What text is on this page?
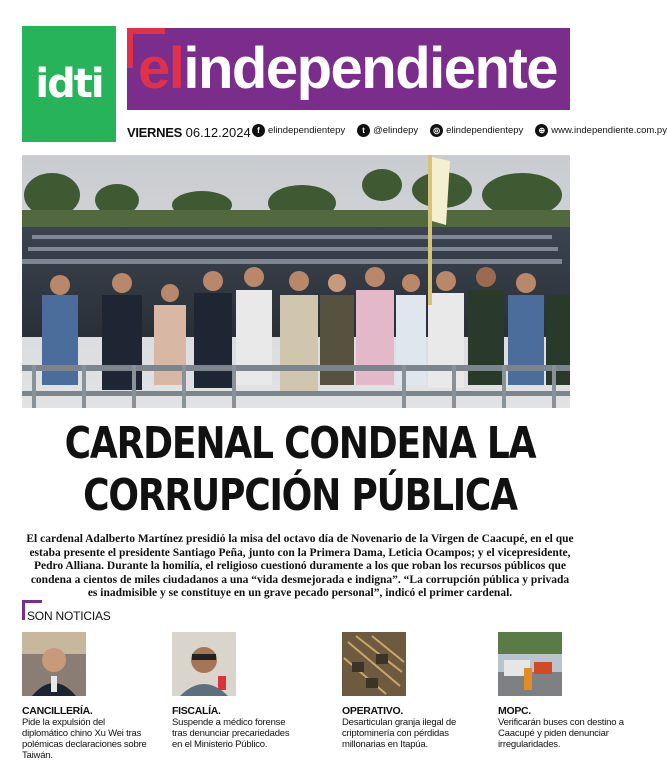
idti elindependiente
VIERNES 06.12.2024 f elindependientepy	t @elindepy	◎ elindependientepy	⊕ www.independiente.com.py
CARDENAL CONDENA LA
CORRUPCIÓN PÚBLICA

El cardenal Adalberto Martínez presidió la misa del octavo día de Novenario de la Virgen de Caacupé, en el que estaba presente el presidente Santiago Peña, junto con la Primera Dama, Leticia Ocampos; y el vicepresidente, Pedro Alliana. Durante la homilía, el religioso cuestionó duramente a los que roban los recursos públicos que condena a cientos de miles ciudadanos a una “vida desmejorada e indigna”. “La corrupción pública y privada es inadmisible y se constituye en un grave pecado personal”, indicó el primer cardenal.

SON NOTICIAS
CANCILLERÍA.
Pide la expulsión del diplomático chino Xu Wei tras polémicas declaraciones sobre Taiwán.
FISCALÍA.
Suspende a médico forense tras denunciar precariedades en el Ministerio Público.
OPERATIVO.
Desarticulan granja ilegal de criptominería con pérdidas millonarias en Itapúa.
MOPC.
Verificarán buses con destino a Caacupé y piden denunciar irregularidades.
